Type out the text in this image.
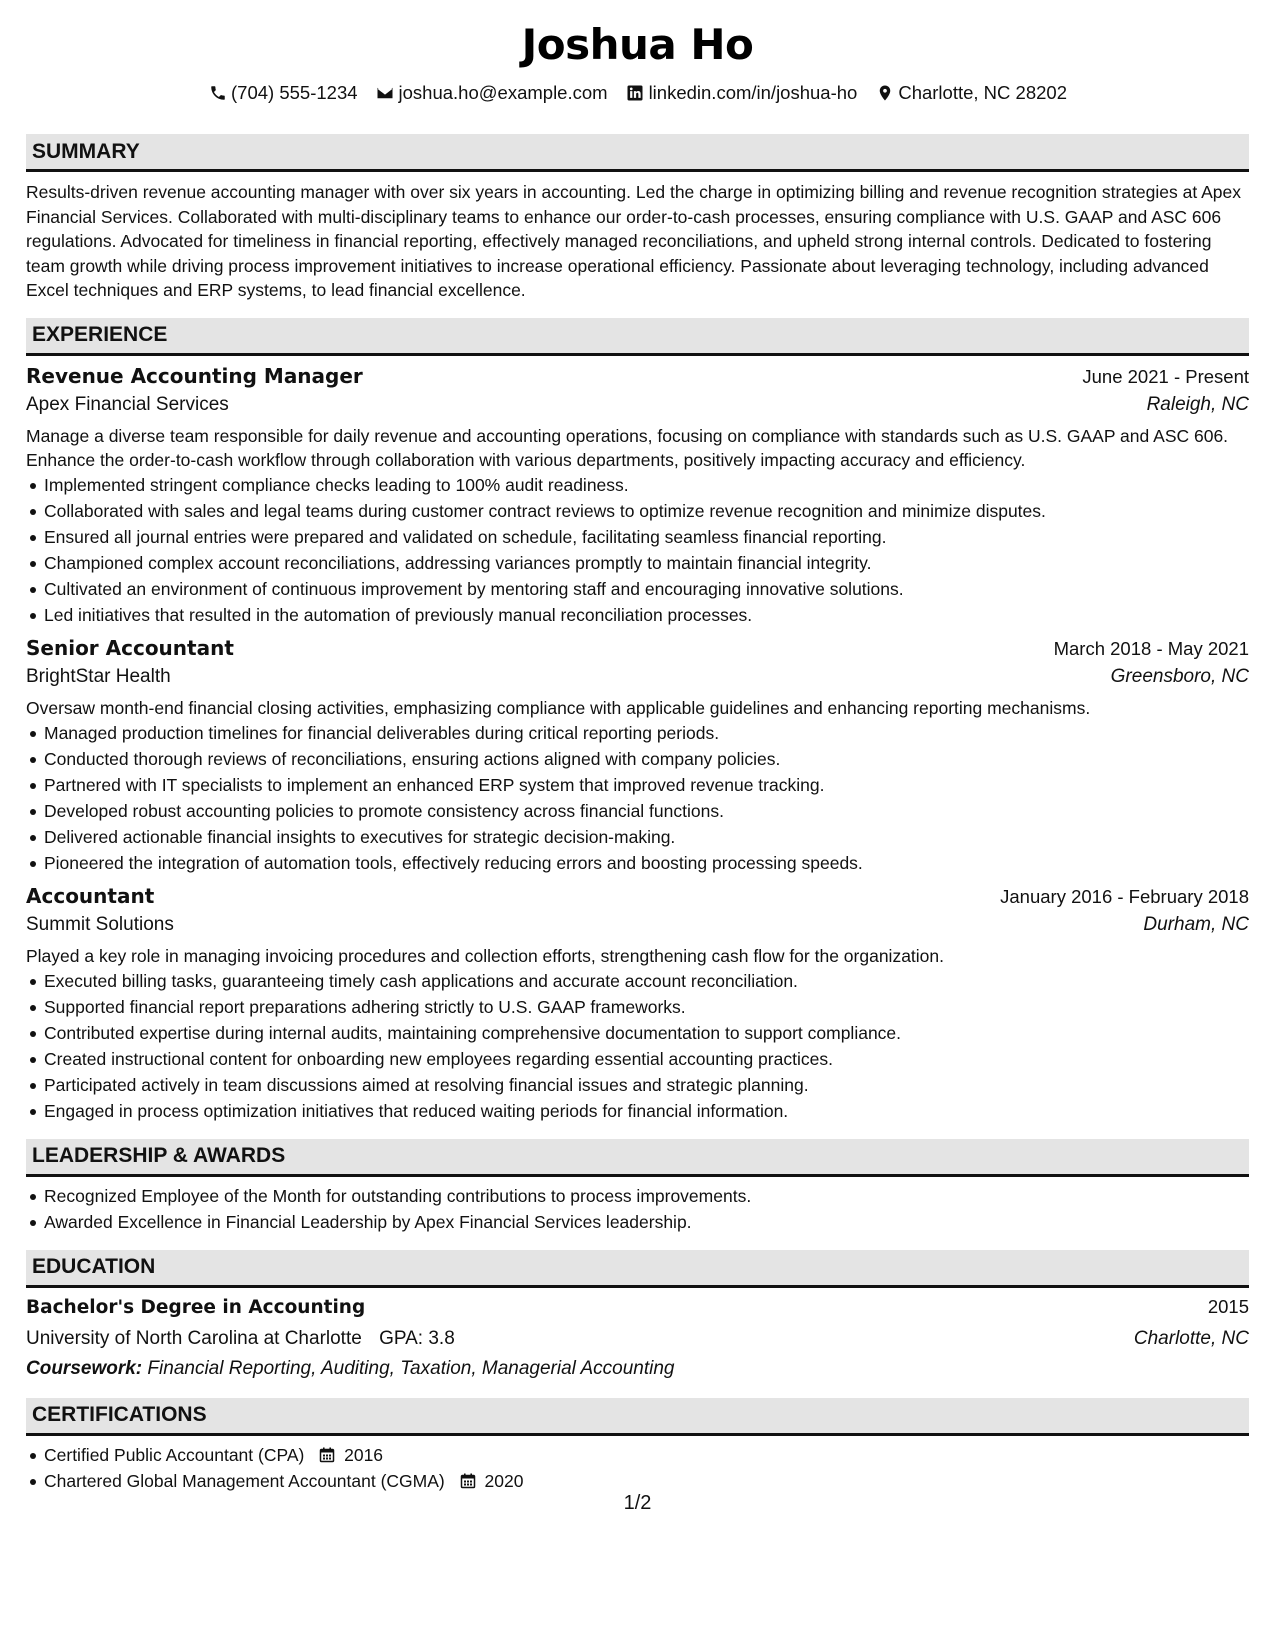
Joshua Ho
(704) 555-1234 joshua.ho@example.com linkedin.com/in/joshua-ho Charlotte, NC 28202
SUMMARY
Results-driven revenue accounting manager with over six years in accounting. Led the charge in optimizing billing and revenue recognition strategies at Apex Financial Services. Collaborated with multi-disciplinary teams to enhance our order-to-cash processes, ensuring compliance with U.S. GAAP and ASC 606 regulations. Advocated for timeliness in financial reporting, effectively managed reconciliations, and upheld strong internal controls. Dedicated to fostering team growth while driving process improvement initiatives to increase operational efficiency. Passionate about leveraging technology, including advanced Excel techniques and ERP systems, to lead financial excellence.
EXPERIENCE
Revenue Accounting Manager	June 2021 - Present
Apex Financial Services	Raleigh, NC
Manage a diverse team responsible for daily revenue and accounting operations, focusing on compliance with standards such as U.S. GAAP and ASC 606. Enhance the order-to-cash workflow through collaboration with various departments, positively impacting accuracy and efficiency.
Implemented stringent compliance checks leading to 100% audit readiness.
Collaborated with sales and legal teams during customer contract reviews to optimize revenue recognition and minimize disputes.
Ensured all journal entries were prepared and validated on schedule, facilitating seamless financial reporting.
Championed complex account reconciliations, addressing variances promptly to maintain financial integrity.
Cultivated an environment of continuous improvement by mentoring staff and encouraging innovative solutions.
Led initiatives that resulted in the automation of previously manual reconciliation processes.
Senior Accountant	March 2018 - May 2021
BrightStar Health	Greensboro, NC
Oversaw month-end financial closing activities, emphasizing compliance with applicable guidelines and enhancing reporting mechanisms.
Managed production timelines for financial deliverables during critical reporting periods.
Conducted thorough reviews of reconciliations, ensuring actions aligned with company policies.
Partnered with IT specialists to implement an enhanced ERP system that improved revenue tracking.
Developed robust accounting policies to promote consistency across financial functions.
Delivered actionable financial insights to executives for strategic decision-making.
Pioneered the integration of automation tools, effectively reducing errors and boosting processing speeds.
Accountant	January 2016 - February 2018
Summit Solutions	Durham, NC
Played a key role in managing invoicing procedures and collection efforts, strengthening cash flow for the organization.
Executed billing tasks, guaranteeing timely cash applications and accurate account reconciliation.
Supported financial report preparations adhering strictly to U.S. GAAP frameworks.
Contributed expertise during internal audits, maintaining comprehensive documentation to support compliance.
Created instructional content for onboarding new employees regarding essential accounting practices.
Participated actively in team discussions aimed at resolving financial issues and strategic planning.
Engaged in process optimization initiatives that reduced waiting periods for financial information.
LEADERSHIP & AWARDS
Recognized Employee of the Month for outstanding contributions to process improvements.
Awarded Excellence in Financial Leadership by Apex Financial Services leadership.
EDUCATION
Bachelor's Degree in Accounting	2015
University of North Carolina at Charlotte GPA: 3.8	Charlotte, NC
Coursework: Financial Reporting, Auditing, Taxation, Managerial Accounting
CERTIFICATIONS
Certified Public Accountant (CPA) 2016
Chartered Global Management Accountant (CGMA) 2020
1/2
